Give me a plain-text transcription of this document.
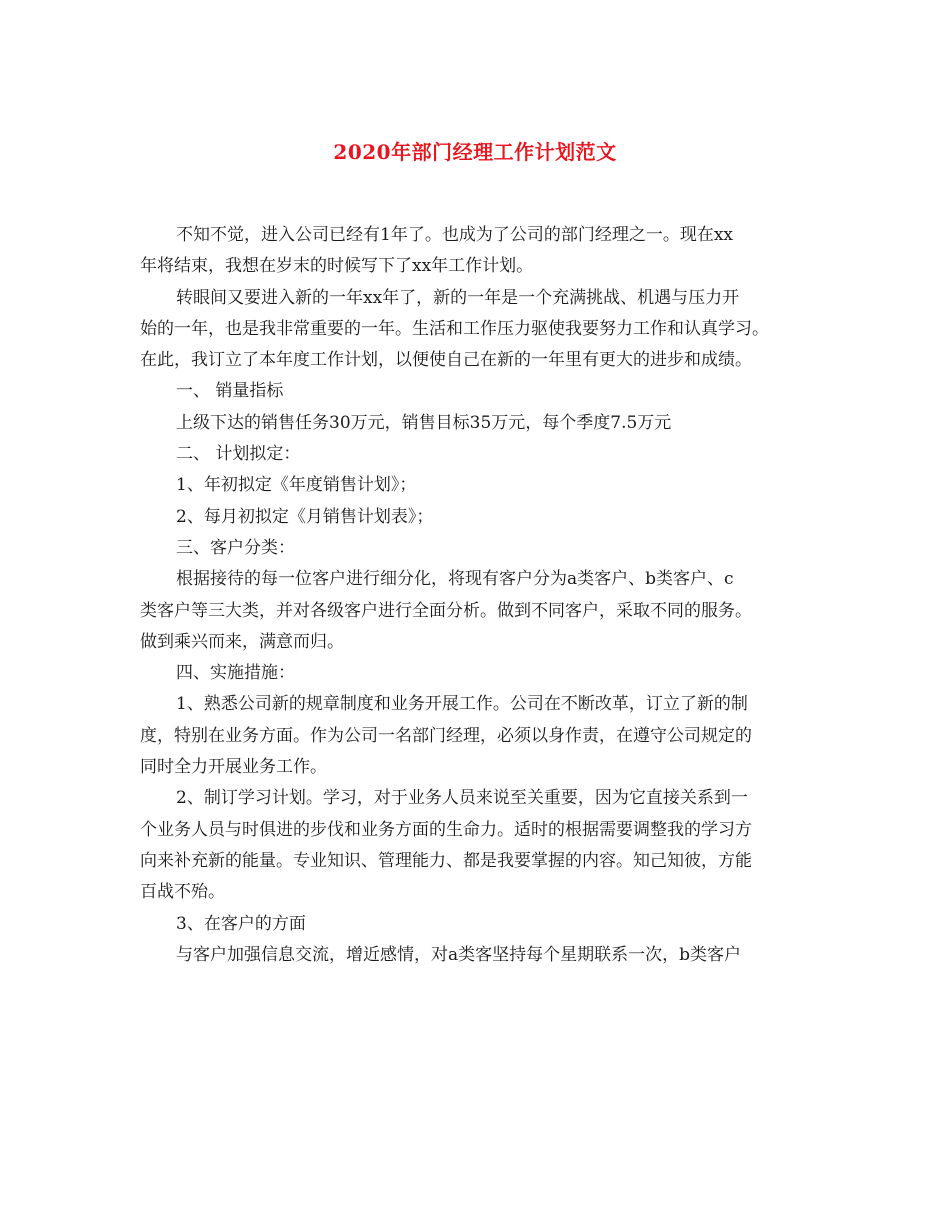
2020年部门经理工作计划范文

不知不觉，进入公司已经有1年了。也成为了公司的部门经理之一。现在xx

年将结束，我想在岁末的时候写下了xx年工作计划。

转眼间又要进入新的一年xx年了，新的一年是一个充满挑战、机遇与压力开

始的一年，也是我非常重要的一年。生活和工作压力驱使我要努力工作和认真学习。

在此，我订立了本年度工作计划，以便使自己在新的一年里有更大的进步和成绩。

一、 销量指标

上级下达的销售任务30万元，销售目标35万元，每个季度7.5万元

二、 计划拟定：

1、年初拟定《年度销售计划》；

2、每月初拟定《月销售计划表》；

三、客户分类：

根据接待的每一位客户进行细分化，将现有客户分为a类客户、b类客户、c

类客户等三大类，并对各级客户进行全面分析。做到不同客户，采取不同的服务。

做到乘兴而来，满意而归。

四、实施措施：

1、熟悉公司新的规章制度和业务开展工作。公司在不断改革，订立了新的制

度，特别在业务方面。作为公司一名部门经理，必须以身作责，在遵守公司规定的

同时全力开展业务工作。

2、制订学习计划。学习，对于业务人员来说至关重要，因为它直接关系到一

个业务人员与时俱进的步伐和业务方面的生命力。适时的根据需要调整我的学习方

向来补充新的能量。专业知识、管理能力、都是我要掌握的内容。知己知彼，方能

百战不殆。

3、在客户的方面

与客户加强信息交流，增近感情，对a类客坚持每个星期联系一次，b类客户
